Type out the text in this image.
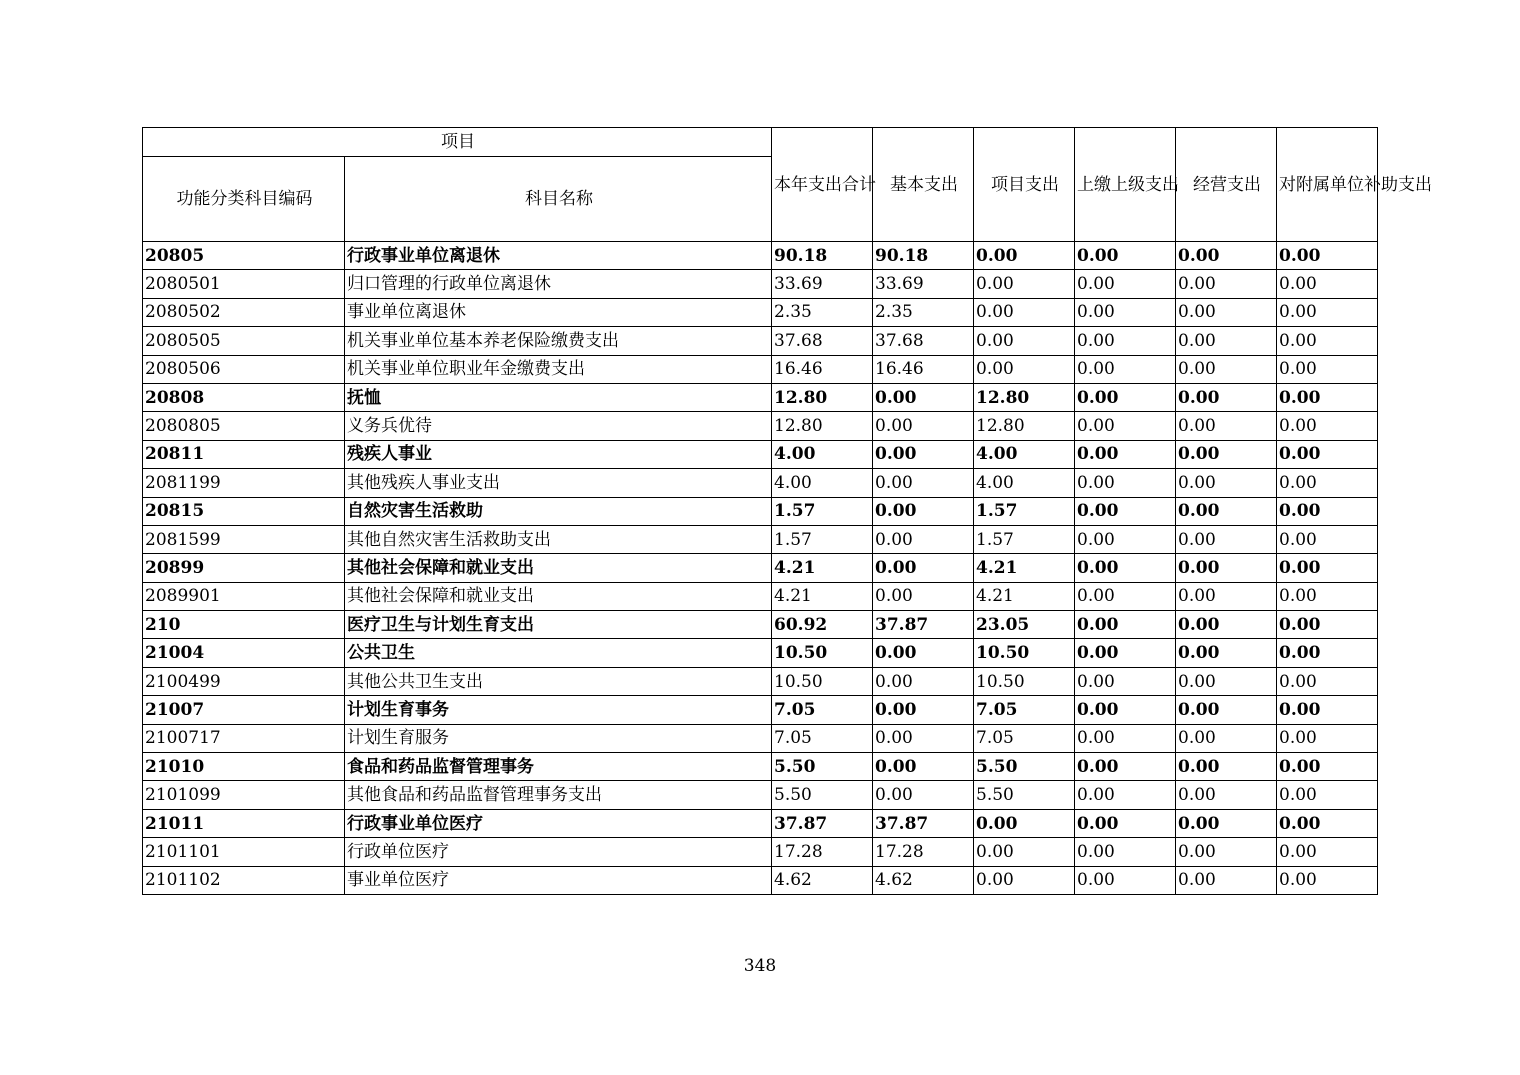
项目		本年支出合计	基本支出	项目支出	上缴上级支出	经营支出	对附属单位补助支出
功能分类科目编码	科目名称						
20805	行政事业单位离退休	90.18	90.18	0.00	0.00	0.00	0.00
2080501	归口管理的行政单位离退休	33.69	33.69	0.00	0.00	0.00	0.00
2080502	事业单位离退休	2.35	2.35	0.00	0.00	0.00	0.00
2080505	机关事业单位基本养老保险缴费支出	37.68	37.68	0.00	0.00	0.00	0.00
2080506	机关事业单位职业年金缴费支出	16.46	16.46	0.00	0.00	0.00	0.00
20808	抚恤	12.80	0.00	12.80	0.00	0.00	0.00
2080805	义务兵优待	12.80	0.00	12.80	0.00	0.00	0.00
20811	残疾人事业	4.00	0.00	4.00	0.00	0.00	0.00
2081199	其他残疾人事业支出	4.00	0.00	4.00	0.00	0.00	0.00
20815	自然灾害生活救助	1.57	0.00	1.57	0.00	0.00	0.00
2081599	其他自然灾害生活救助支出	1.57	0.00	1.57	0.00	0.00	0.00
20899	其他社会保障和就业支出	4.21	0.00	4.21	0.00	0.00	0.00
2089901	其他社会保障和就业支出	4.21	0.00	4.21	0.00	0.00	0.00
210	医疗卫生与计划生育支出	60.92	37.87	23.05	0.00	0.00	0.00
21004	公共卫生	10.50	0.00	10.50	0.00	0.00	0.00
2100499	其他公共卫生支出	10.50	0.00	10.50	0.00	0.00	0.00
21007	计划生育事务	7.05	0.00	7.05	0.00	0.00	0.00
2100717	计划生育服务	7.05	0.00	7.05	0.00	0.00	0.00
21010	食品和药品监督管理事务	5.50	0.00	5.50	0.00	0.00	0.00
2101099	其他食品和药品监督管理事务支出	5.50	0.00	5.50	0.00	0.00	0.00
21011	行政事业单位医疗	37.87	37.87	0.00	0.00	0.00	0.00
2101101	行政单位医疗	17.28	17.28	0.00	0.00	0.00	0.00
2101102	事业单位医疗	4.62	4.62	0.00	0.00	0.00	0.00
348
